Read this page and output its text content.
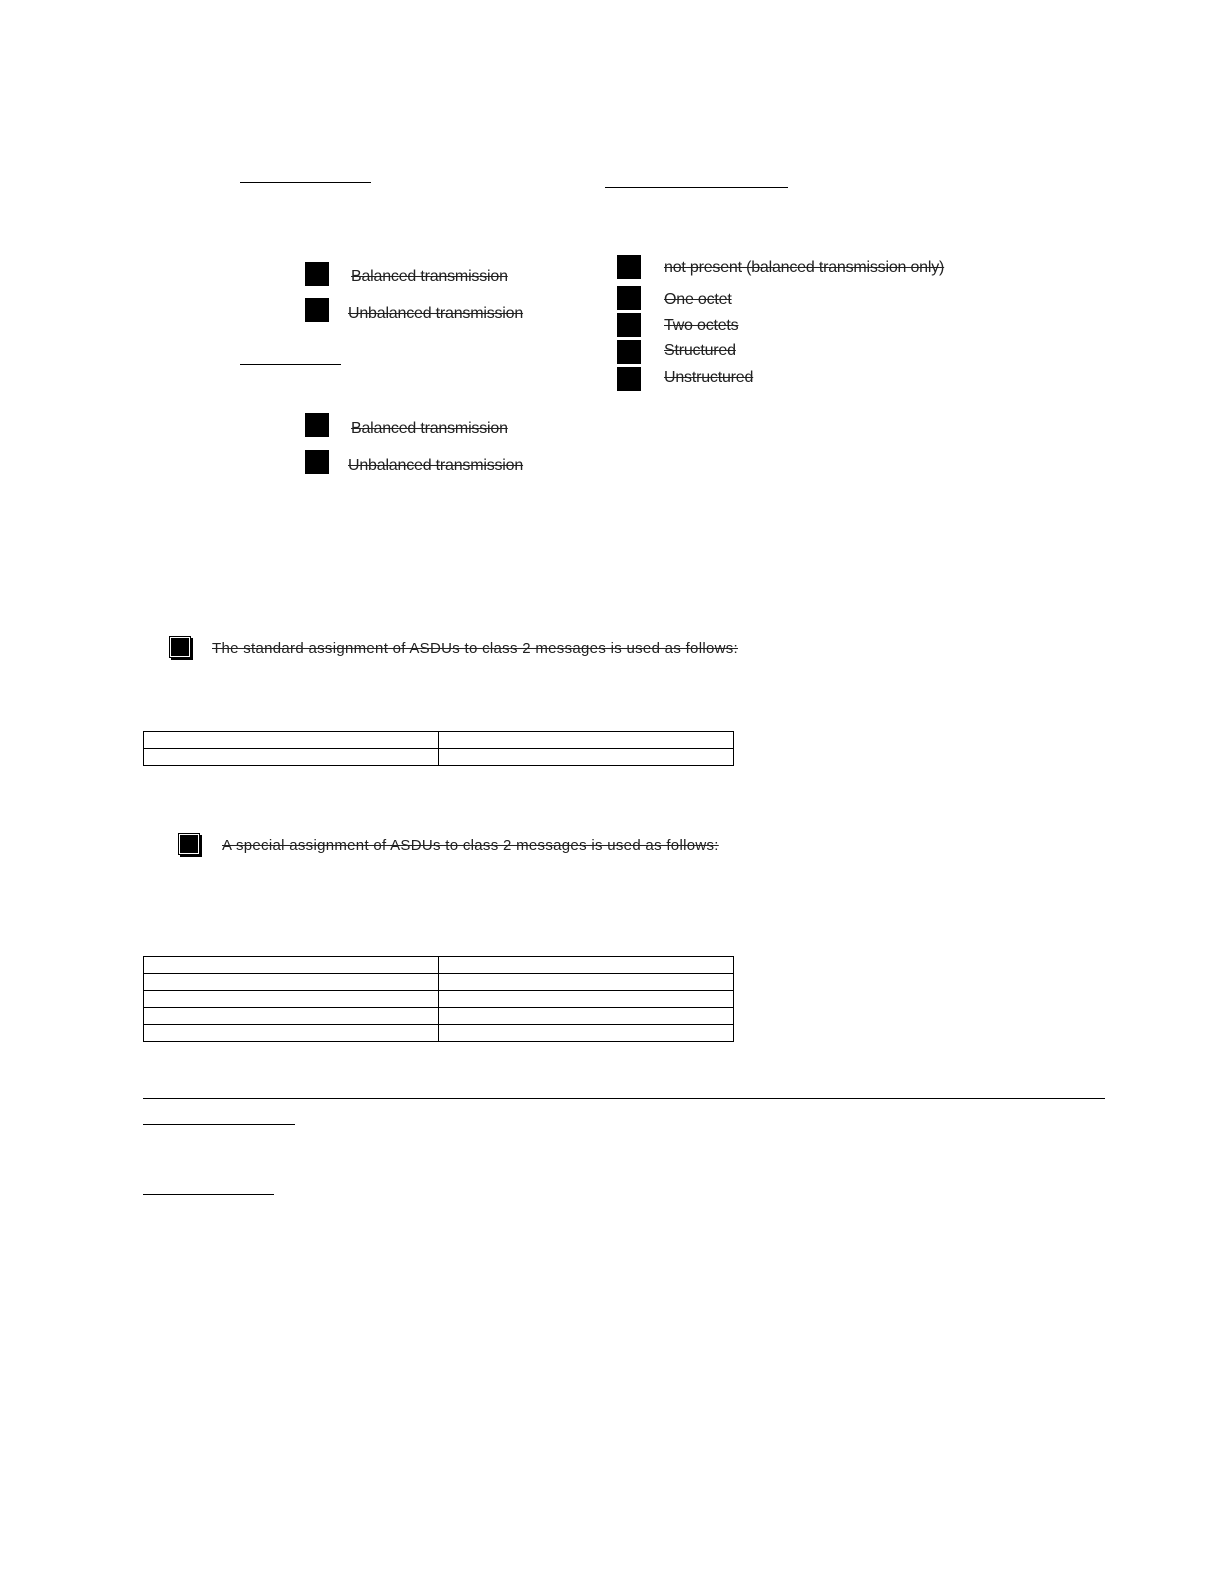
Balanced transmission
Unbalanced transmission
Balanced transmission
Unbalanced transmission
not present (balanced transmission only)
One octet
Two octets
Structured
Unstructured
The standard assignment of ASDUs to class 2 messages is used as follows:

A special assignment of ASDUs to class 2 messages is used as follows:
